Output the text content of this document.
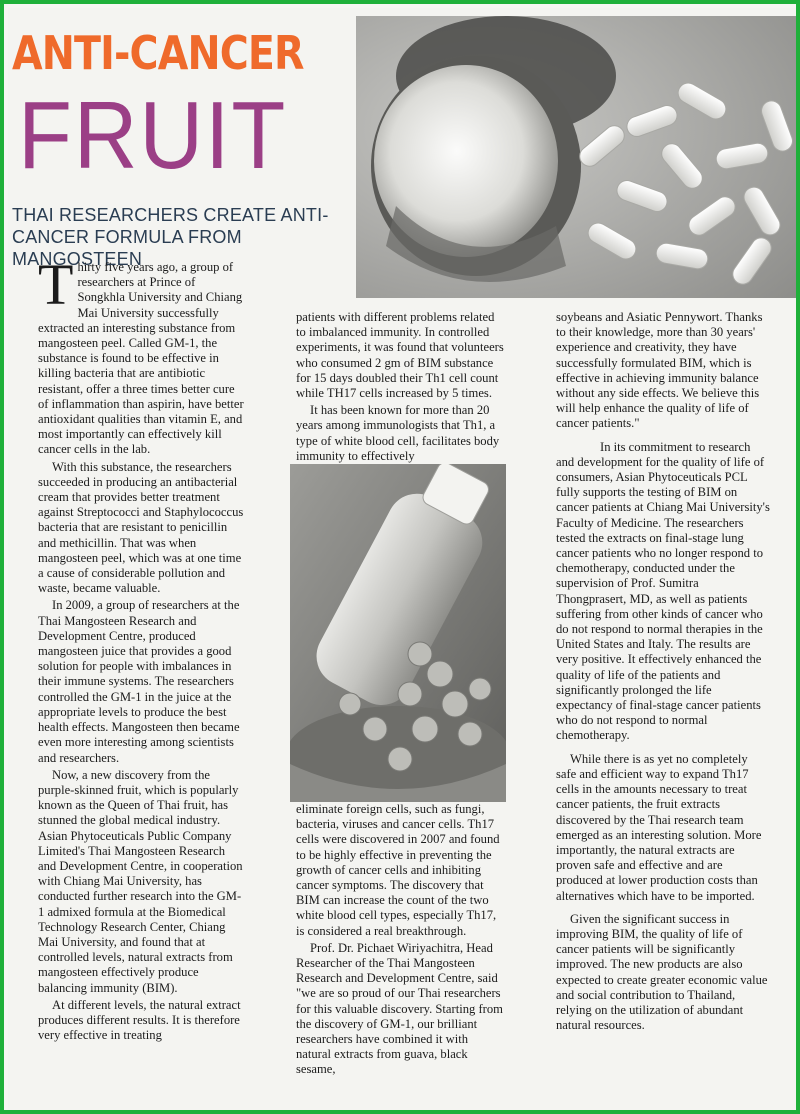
ANTI-CANCER
FRUIT
THAI RESEARCHERS CREATE ANTI-CANCER FORMULA FROM MANGOSTEEN

Thirty five years ago, a group of researchers at Prince of Songkhla University and Chiang Mai University successfully extracted an interesting substance from mangosteen peel. Called GM-1, the substance is found to be effective in killing bacteria that are antibiotic resistant, offer a three times better cure of inflammation than aspirin, have better antioxidant qualities than vitamin E, and most importantly can effectively kill cancer cells in the lab.

With this substance, the researchers succeeded in producing an antibacterial cream that provides better treatment against Streptococci and Staphylococcus bacteria that are resistant to penicillin and methicillin. That was when mangosteen peel, which was at one time a cause of considerable pollution and waste, became valuable.

In 2009, a group of researchers at the Thai Mangosteen Research and Development Centre, produced mangosteen juice that provides a good solution for people with imbalances in their immune systems. The researchers controlled the GM-1 in the juice at the appropriate levels to produce the best health effects. Mangosteen then became even more interesting among scientists and researchers.

Now, a new discovery from the purple-skinned fruit, which is popularly known as the Queen of Thai fruit, has stunned the global medical industry. Asian Phytoceuticals Public Company Limited's Thai Mangosteen Research and Development Centre, in cooperation with Chiang Mai University, has conducted further research into the GM-1 admixed formula at the Biomedical Technology Research Center, Chiang Mai University, and found that at controlled levels, natural extracts from mangosteen effectively produce balancing immunity (BIM).

At different levels, the natural extract produces different results. It is therefore very effective in treating

patients with different problems related to imbalanced immunity. In controlled experiments, it was found that volunteers who consumed 2 gm of BIM substance for 15 days doubled their Th1 cell count while TH17 cells increased by 5 times.

It has been known for more than 20 years among immunologists that Th1, a type of white blood cell, facilitates body immunity to effectively

eliminate foreign cells, such as fungi, bacteria, viruses and cancer cells. Th17 cells were discovered in 2007 and found to be highly effective in preventing the growth of cancer cells and inhibiting cancer symptoms. The discovery that BIM can increase the count of the two white blood cell types, especially Th17, is considered a real breakthrough.

Prof. Dr. Pichaet Wiriyachitra, Head Researcher of the Thai Mangosteen Research and Development Centre, said "we are so proud of our Thai researchers for this valuable discovery. Starting from the discovery of GM-1, our brilliant researchers have combined it with natural extracts from guava, black sesame,

soybeans and Asiatic Pennywort. Thanks to their knowledge, more than 30 years' experience and creativity, they have successfully formulated BIM, which is effective in achieving immunity balance without any side effects. We believe this will help enhance the quality of life of cancer patients."

In its commitment to research and development for the quality of life of consumers, Asian Phytoceuticals PCL fully supports the testing of BIM on cancer patients at Chiang Mai University's Faculty of Medicine. The researchers tested the extracts on final-stage lung cancer patients who no longer respond to chemotherapy, conducted under the supervision of Prof. Sumitra Thongprasert, MD, as well as patients suffering from other kinds of cancer who do not respond to normal therapies in the United States and Italy. The results are very positive. It effectively enhanced the quality of life of the patients and significantly prolonged the life expectancy of final-stage cancer patients who do not respond to normal chemotherapy.

While there is as yet no completely safe and efficient way to expand Th17 cells in the amounts necessary to treat cancer patients, the fruit extracts discovered by the Thai research team emerged as an interesting solution. More importantly, the natural extracts are proven safe and effective and are produced at lower production costs than alternatives which have to be imported.

Given the significant success in improving BIM, the quality of life of cancer patients will be significantly improved. The new products are also expected to create greater economic value and social contribution to Thailand, relying on the utilization of abundant natural resources.
